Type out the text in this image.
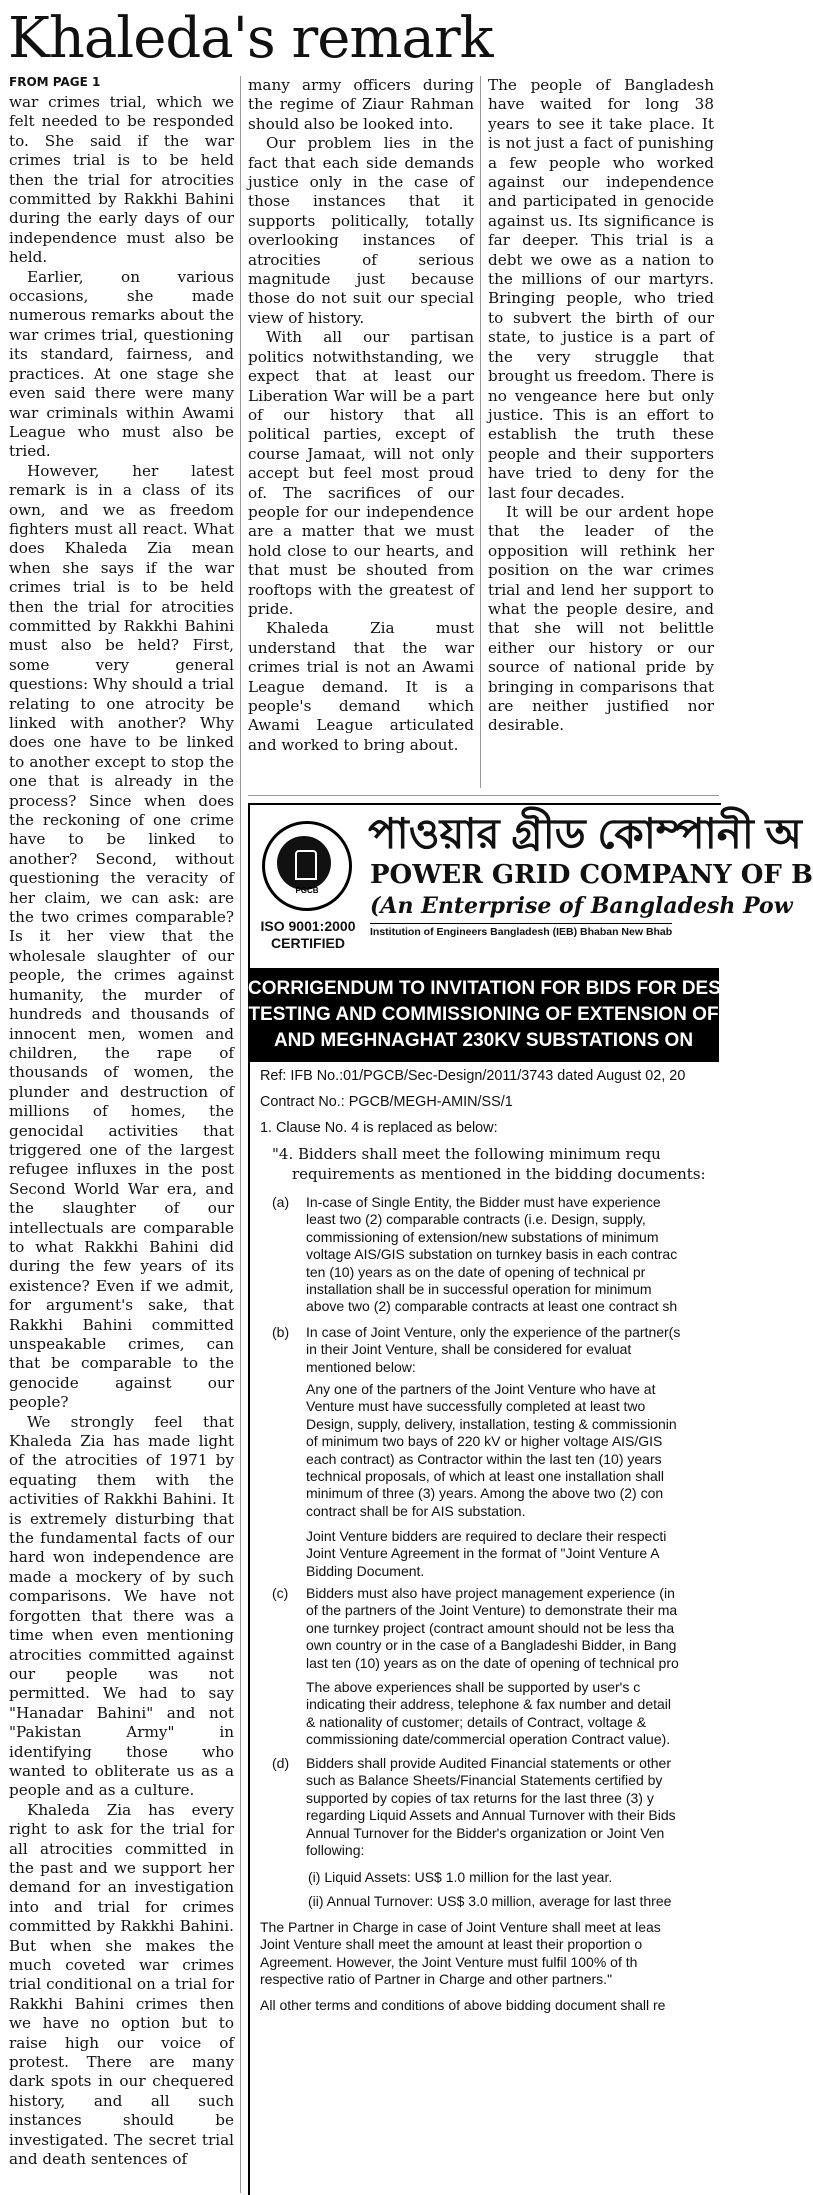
Khaleda's remark
FROM PAGE 1

war crimes trial, which we felt needed to be responded to. She said if the war crimes trial is to be held then the trial for atrocities committed by Rakkhi Bahini during the early days of our independence must also be held.

Earlier, on various occasions, she made numerous remarks about the war crimes trial, questioning its standard, fairness, and practices. At one stage she even said there were many war criminals within Awami League who must also be tried.

However, her latest remark is in a class of its own, and we as freedom fighters must all react. What does Khaleda Zia mean when she says if the war crimes trial is to be held then the trial for atrocities committed by Rakkhi Bahini must also be held? First, some very general questions: Why should a trial relating to one atrocity be linked with another? Why does one have to be linked to another except to stop the one that is already in the process? Since when does the reckoning of one crime have to be linked to another? Second, without questioning the veracity of her claim, we can ask: are the two crimes comparable? Is it her view that the wholesale slaughter of our people, the crimes against humanity, the murder of hundreds and thousands of innocent men, women and children, the rape of thousands of women, the plunder and destruction of millions of homes, the genocidal activities that triggered one of the largest refugee influxes in the post Second World War era, and the slaughter of our intellectuals are comparable to what Rakkhi Bahini did during the few years of its existence? Even if we admit, for argument's sake, that Rakkhi Bahini committed unspeakable crimes, can that be comparable to the genocide against our people?

We strongly feel that Khaleda Zia has made light of the atrocities of 1971 by equating them with the activities of Rakkhi Bahini. It is extremely disturbing that the fundamental facts of our hard won independence are made a mockery of by such comparisons. We have not forgotten that there was a time when even mentioning atrocities committed against our people was not permitted. We had to say "Hanadar Bahini" and not "Pakistan Army" in identifying those who wanted to obliterate us as a people and as a culture.

Khaleda Zia has every right to ask for the trial for all atrocities committed in the past and we support her demand for an investigation into and trial for crimes committed by Rakkhi Bahini. But when she makes the much coveted war crimes trial conditional on a trial for Rakkhi Bahini crimes then we have no option but to raise high our voice of protest. There are many dark spots in our chequered history, and all such instances should be investigated. The secret trial and death sentences of

many army officers during the regime of Ziaur Rahman should also be looked into.

Our problem lies in the fact that each side demands justice only in the case of those instances that it supports politically, totally overlooking instances of atrocities of serious magnitude just because those do not suit our special view of history.

With all our partisan politics notwithstanding, we expect that at least our Liberation War will be a part of our history that all political parties, except of course Jamaat, will not only accept but feel most proud of. The sacrifices of our people for our independence are a matter that we must hold close to our hearts, and that must be shouted from rooftops with the greatest of pride.

Khaleda Zia must understand that the war crimes trial is not an Awami League demand. It is a people's demand which Awami League articulated and worked to bring about.

The people of Bangladesh have waited for long 38 years to see it take place. It is not just a fact of punishing a few people who worked against our independence and participated in genocide against us. Its significance is far deeper. This trial is a debt we owe as a nation to the millions of our martyrs. Bringing people, who tried to subvert the birth of our state, to justice is a part of the very struggle that brought us freedom. There is no vengeance here but only justice. This is an effort to establish the truth these people and their supporters have tried to deny for the last four decades.

It will be our ardent hope that the leader of the opposition will rethink her position on the war crimes trial and lend her support to what the people desire, and that she will not belittle either our history or our source of national pride by bringing in comparisons that are neither justified nor desirable.

PGCB
ISO 9001:2000
CERTIFIED
পাওয়ার গ্রীড কোম্পানী অ
POWER GRID COMPANY OF B
(An Enterprise of Bangladesh Pow
Institution of Engineers Bangladesh (IEB) Bhaban New Bhab
CORRIGENDUM TO INVITATION FOR BIDS FOR DESI
TESTING AND COMMISSIONING OF EXTENSION OF
AND MEGHNAGHAT 230KV SUBSTATIONS ON
Ref: IFB No.:01/PGCB/Sec-Design/2011/3743 dated August 02, 20
Contract No.: PGCB/MEGH-AMIN/SS/1
1. Clause No. 4 is replaced as below:
"4. Bidders shall meet the following minimum requ
requirements as mentioned in the bidding documents:
(a) In-case of Single Entity, the Bidder must have experience
least two (2) comparable contracts (i.e. Design, supply,
commissioning of extension/new substations of minimum
voltage AIS/GIS substation on turnkey basis in each contrac
ten (10) years as on the date of opening of technical pr
installation shall be in successful operation for minimum
above two (2) comparable contracts at least one contract sh
(b) In case of Joint Venture, only the experience of the partner(s
in their Joint Venture, shall be considered for evaluat
mentioned below:
Any one of the partners of the Joint Venture who have at
Venture must have successfully completed at least two
Design, supply, delivery, installation, testing & commissionin
of minimum two bays of 220 kV or higher voltage AIS/GIS
each contract) as Contractor within the last ten (10) years
technical proposals, of which at least one installation shall
minimum of three (3) years. Among the above two (2) con
contract shall be for AIS substation.
Joint Venture bidders are required to declare their respecti
Joint Venture Agreement in the format of "Joint Venture A
Bidding Document.
(c) Bidders must also have project management experience (in
of the partners of the Joint Venture) to demonstrate their ma
one turnkey project (contract amount should not be less tha
own country or in the case of a Bangladeshi Bidder, in Bang
last ten (10) years as on the date of opening of technical pro
The above experiences shall be supported by user's c
indicating their address, telephone & fax number and detail
& nationality of customer; details of Contract, voltage &
commissioning date/commercial operation Contract value).
(d) Bidders shall provide Audited Financial statements or other
such as Balance Sheets/Financial Statements certified by
supported by copies of tax returns for the last three (3) y
regarding Liquid Assets and Annual Turnover with their Bids
Annual Turnover for the Bidder's organization or Joint Ven
following:
(i) Liquid Assets: US$ 1.0 million for the last year.
(ii) Annual Turnover: US$ 3.0 million, average for last three
The Partner in Charge in case of Joint Venture shall meet at leas
Joint Venture shall meet the amount at least their proportion o
Agreement. However, the Joint Venture must fulfil 100% of th
respective ratio of Partner in Charge and other partners."
All other terms and conditions of above bidding document shall re
